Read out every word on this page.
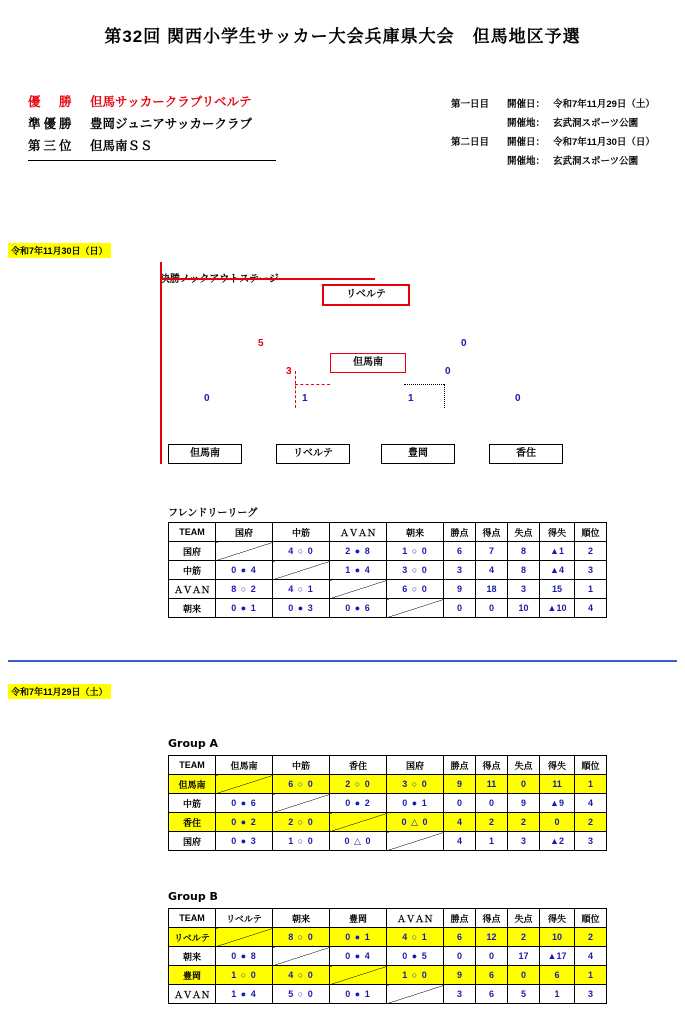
第32回 関西小学生サッカー大会兵庫県大会　但馬地区予選
優　勝	但馬サッカークラブリベルテ
準優勝	豊岡ジュニアサッカークラブ
第三位	但馬南ＳＳ
第一日目	開催日： 令和7年11月29日（土）
開催地： 玄武洞スポーツ公園
第二日目	開催日： 令和7年11月30日（日）
開催地： 玄武洞スポーツ公園
令和7年11月30日（日）
リベルテ
5	0
但馬南
3	0
0	1	1	0
但馬南	リベルテ	豊岡	香住
フレンドリーリーグ
TEAM	国府	中筋	ＡＶＡＮ	朝来	勝点	得点	失点	得失	順位
国府		4 ○ 0	2 ● 8	1 ○ 0	6	7	8	▲1	2
中筋	0 ● 4		1 ● 4	3 ○ 0	3	4	8	▲4	3
ＡＶＡＮ	8 ○ 2	4 ○ 1		6 ○ 0	9	18	3	15	1
朝来	0 ● 1	0 ● 3	0 ● 6		0	0	10	▲10	4
令和7年11月29日（土）
Group A
TEAM	但馬南	中筋	香住	国府	勝点	得点	失点	得失	順位
但馬南		6 ○ 0	2 ○ 0	3 ○ 0	9	11	0	11	1
中筋	0 ● 6		0 ● 2	0 ● 1	0	0	9	▲9	4
香住	0 ● 2	2 ○ 0		0 △ 0	4	2	2	0	2
国府	0 ● 3	1 ○ 0	0 △ 0		4	1	3	▲2	3
Group B
TEAM	リベルテ	朝来	豊岡	ＡＶＡＮ	勝点	得点	失点	得失	順位
リベルテ		8 ○ 0	0 ● 1	4 ○ 1	6	12	2	10	2
朝来	0 ● 8		0 ● 4	0 ● 5	0	0	17	▲17	4
豊岡	1 ○ 0	4 ○ 0		1 ○ 0	9	6	0	6	1
ＡＶＡＮ	1 ● 4	5 ○ 0	0 ● 1		3	6	5	1	3
